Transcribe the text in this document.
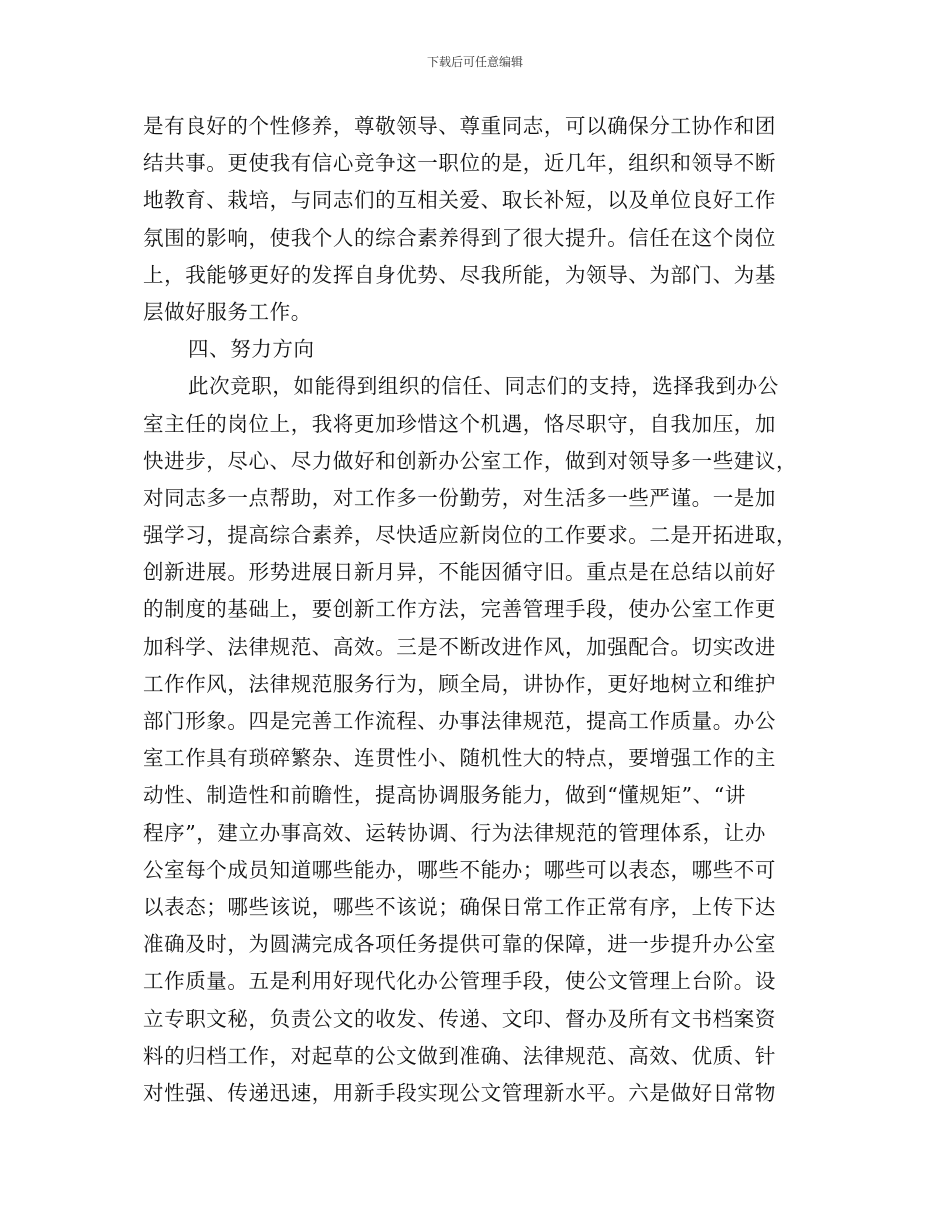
下载后可任意编辑
是有良好的个性修养，尊敬领导、尊重同志，可以确保分工协作和团
结共事。更使我有信心竞争这一职位的是，近几年，组织和领导不断
地教育、栽培，与同志们的互相关爱、取长补短，以及单位良好工作
氛围的影响，使我个人的综合素养得到了很大提升。信任在这个岗位
上，我能够更好的发挥自身优势、尽我所能，为领导、为部门、为基
层做好服务工作。
四、努力方向
此次竞职，如能得到组织的信任、同志们的支持，选择我到办公
室主任的岗位上，我将更加珍惜这个机遇，恪尽职守，自我加压，加
快进步，尽心、尽力做好和创新办公室工作，做到对领导多一些建议，
对同志多一点帮助，对工作多一份勤劳，对生活多一些严谨。一是加
强学习，提高综合素养，尽快适应新岗位的工作要求。二是开拓进取，
创新进展。形势进展日新月异，不能因循守旧。重点是在总结以前好
的制度的基础上，要创新工作方法，完善管理手段，使办公室工作更
加科学、法律规范、高效。三是不断改进作风，加强配合。切实改进
工作作风，法律规范服务行为，顾全局，讲协作，更好地树立和维护
部门形象。四是完善工作流程、办事法律规范，提高工作质量。办公
室工作具有琐碎繁杂、连贯性小、随机性大的特点，要增强工作的主
动性、制造性和前瞻性，提高协调服务能力，做到“懂规矩”、“讲
程序”，建立办事高效、运转协调、行为法律规范的管理体系，让办
公室每个成员知道哪些能办，哪些不能办；哪些可以表态，哪些不可
以表态；哪些该说，哪些不该说；确保日常工作正常有序，上传下达
准确及时，为圆满完成各项任务提供可靠的保障，进一步提升办公室
工作质量。五是利用好现代化办公管理手段，使公文管理上台阶。设
立专职文秘，负责公文的收发、传递、文印、督办及所有文书档案资
料的归档工作，对起草的公文做到准确、法律规范、高效、优质、针
对性强、传递迅速，用新手段实现公文管理新水平。六是做好日常物
